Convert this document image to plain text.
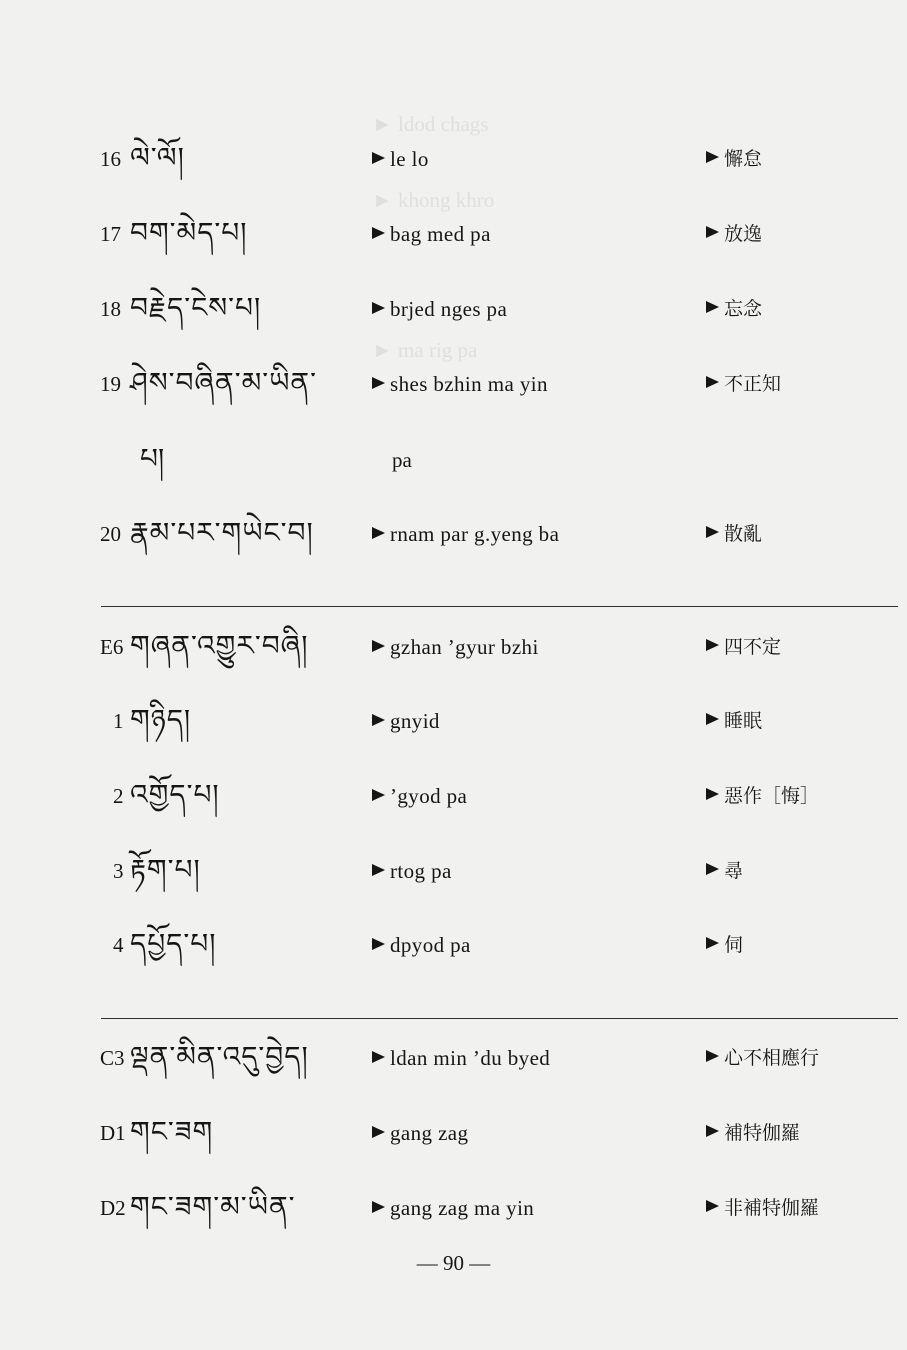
► ldod chags
► khong khro
► ma rig pa
16 ལེ་ལོ།	le lo	懈怠
17 བག་མེད་པ།	bag med pa	放逸
18 བརྗེད་ངེས་པ།	brjed nges pa	忘念
19 ཤེས་བཞིན་མ་ཡིན་	shes bzhin ma yin	不正知
པ།	pa
20 རྣམ་པར་གཡེང་བ།	rnam par g.yeng ba	散亂
E6 གཞན་འགྱུར་བཞི།	gzhan ’gyur bzhi	四不定
1 གཉིད།	gnyid	睡眠
2 འགྱོད་པ།	’gyod pa	惡作［悔］
3 རྟོག་པ།	rtog pa	尋
4 དཔྱོད་པ།	dpyod pa	伺
C3 ལྡན་མིན་འདུ་བྱེད།	ldan min ’du byed	心不相應行
D1 གང་ཟག	gang zag	補特伽羅
D2 གང་ཟག་མ་ཡིན་	gang zag ma yin	非補特伽羅
— 90 —
